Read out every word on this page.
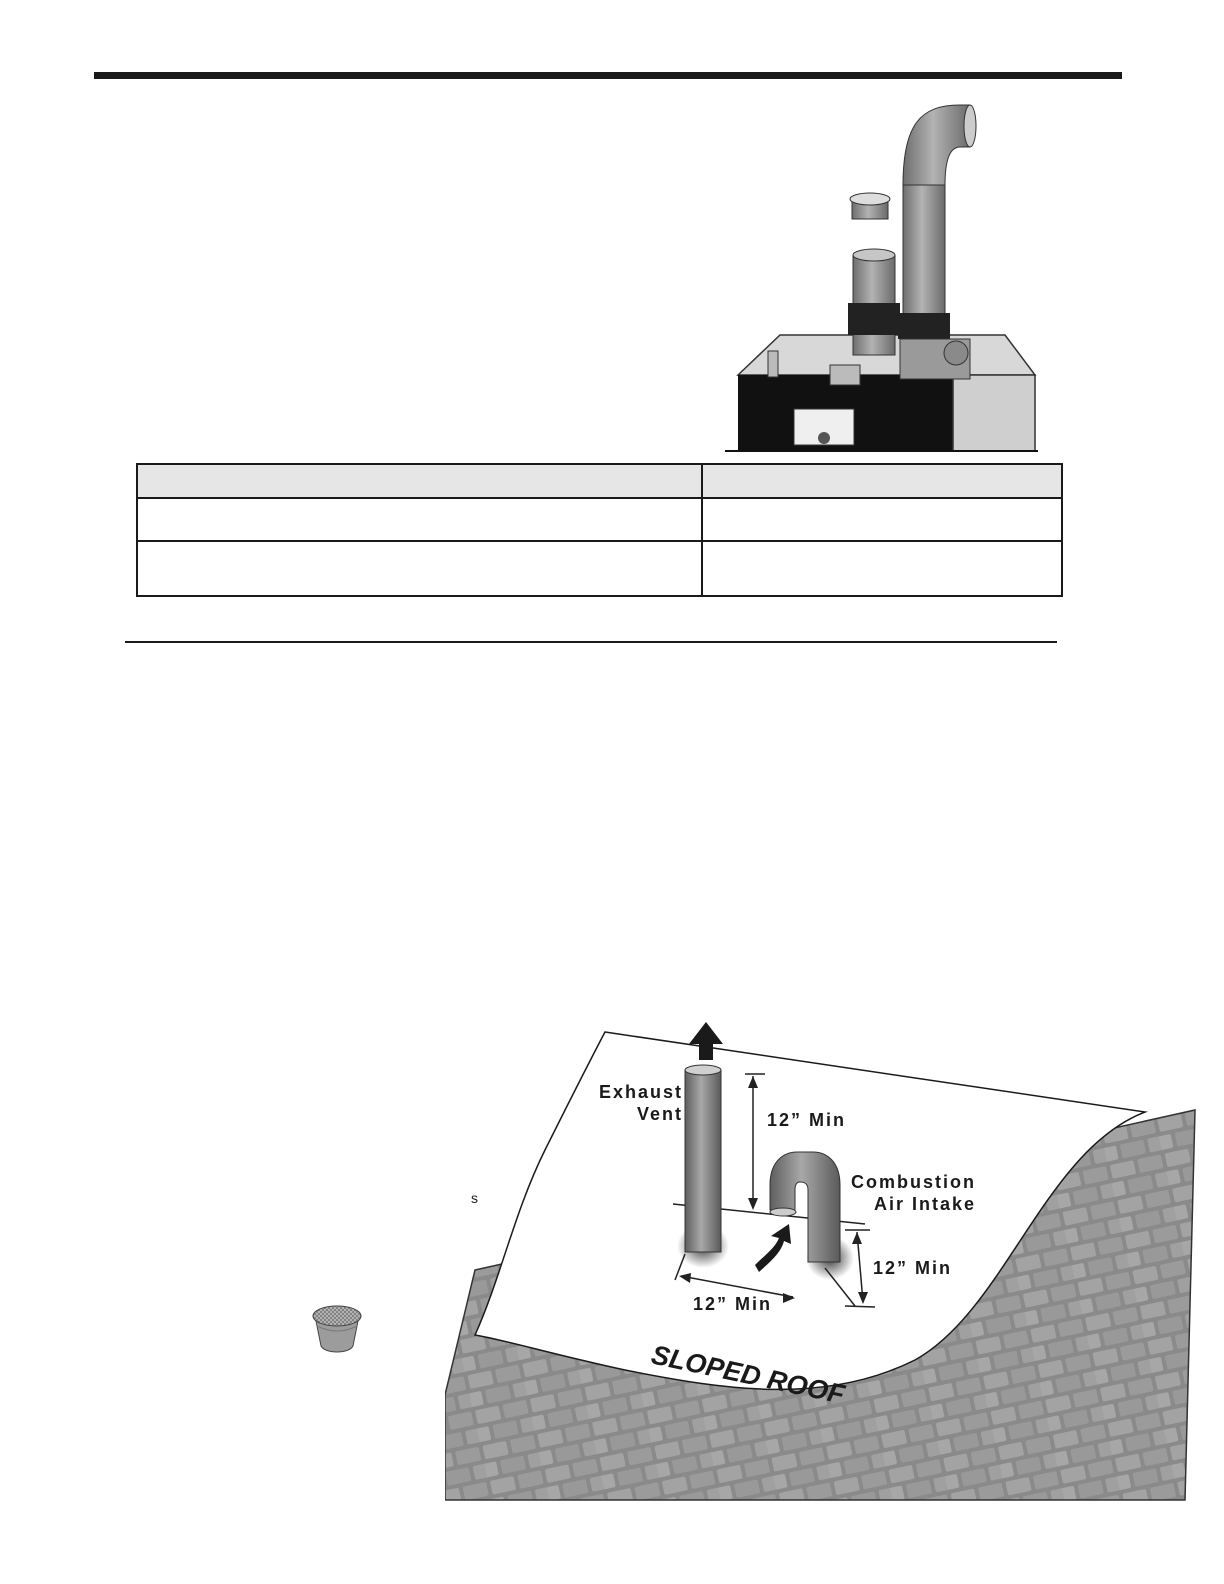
s
Exhaust
Vent	12” Min
Combustion
Air Intake
12” Min
12” Min
SLOPED ROOF
